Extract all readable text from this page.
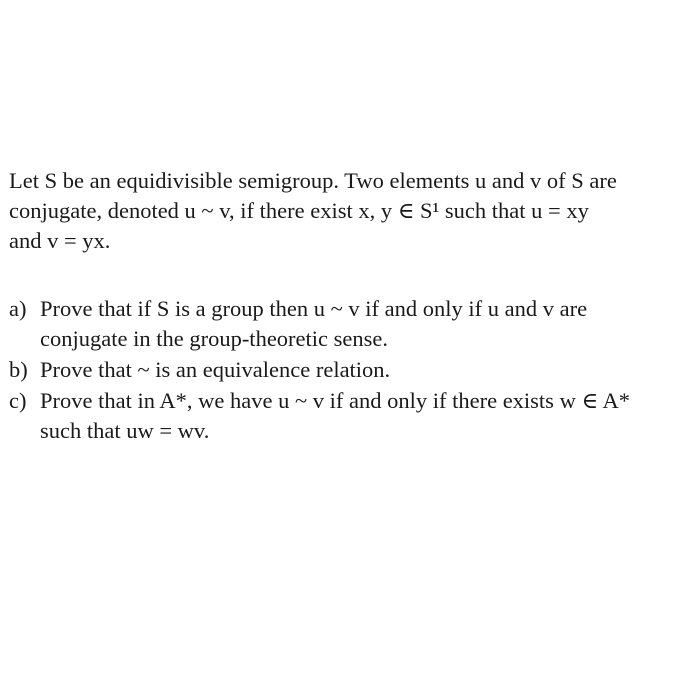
Let S be an equidivisible semigroup. Two elements u and v of S are
conjugate, denoted u ~ v, if there exist x, y ∈ S¹ such that u = xy
and v = yx.
a) Prove that if S is a group then u ~ v if and only if u and v are
conjugate in the group-theoretic sense.
b) Prove that ~ is an equivalence relation.
c) Prove that in A*, we have u ~ v if and only if there exists w ∈ A*
such that uw = wv.
